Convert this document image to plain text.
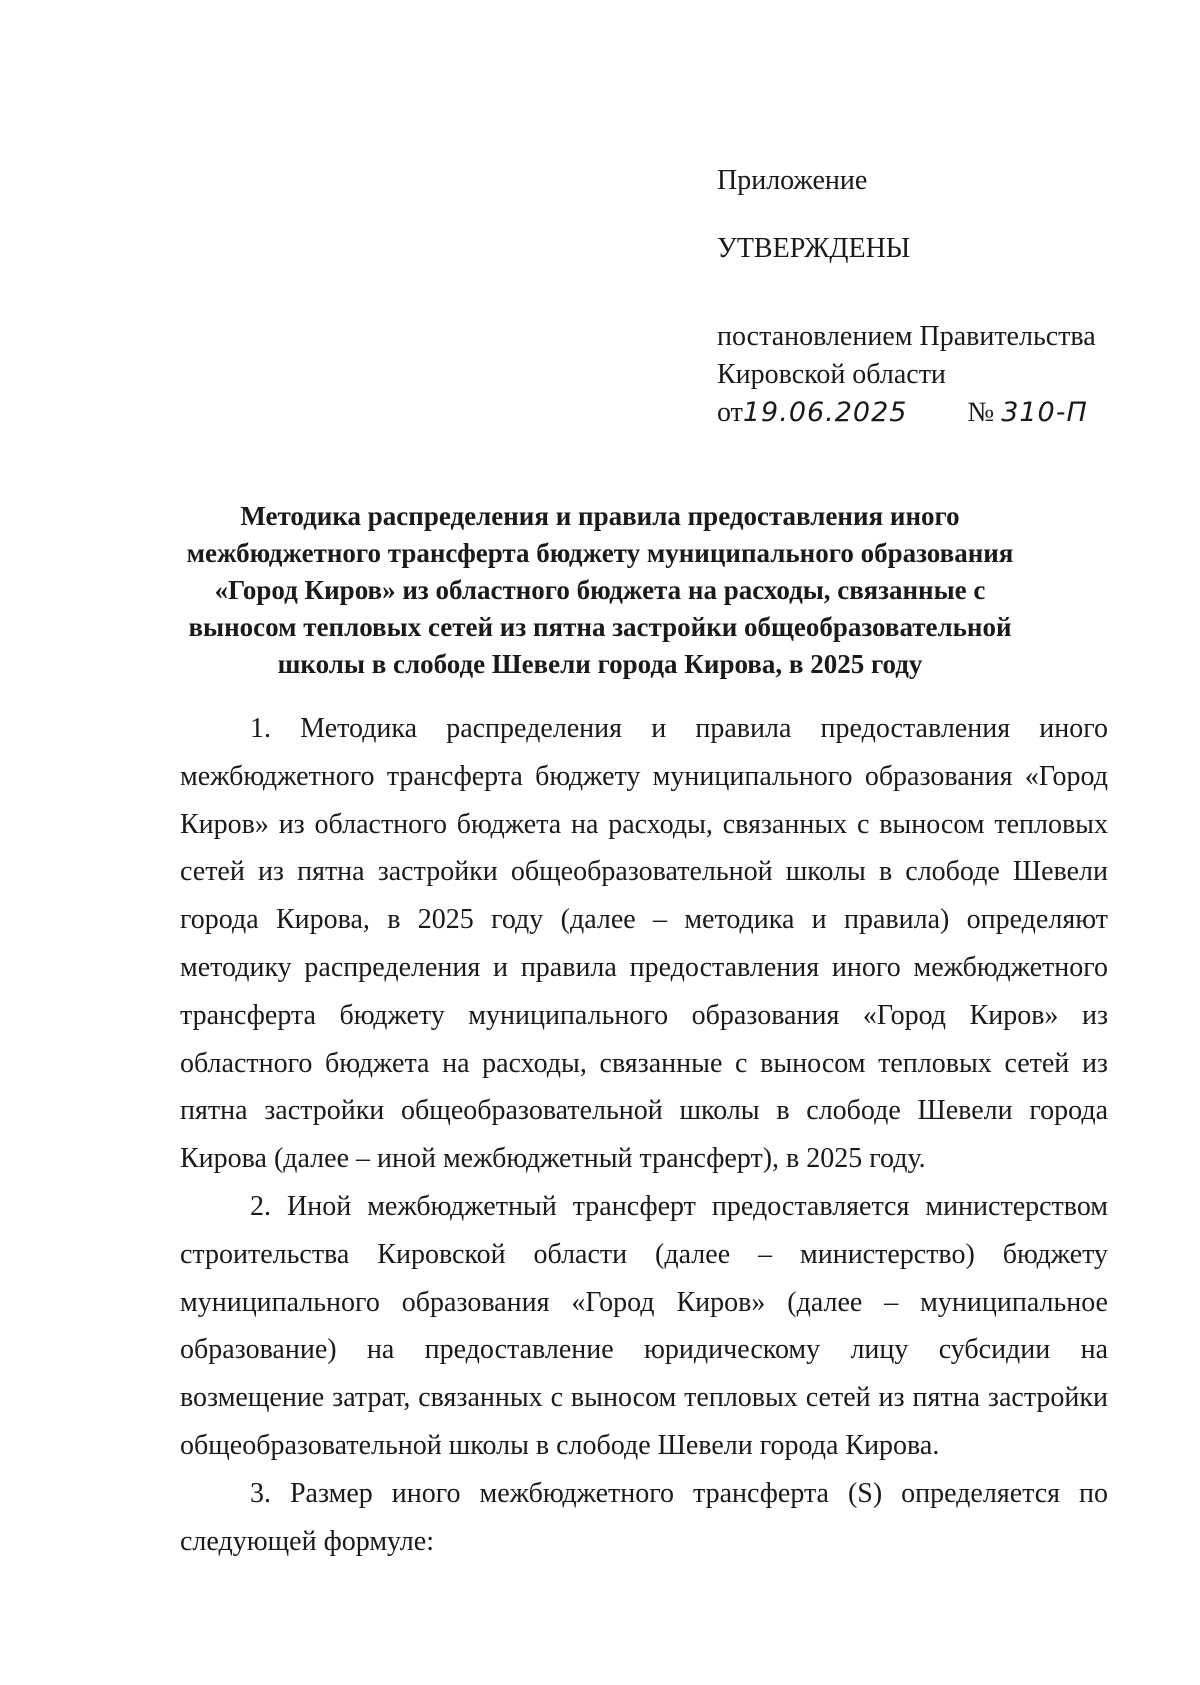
Приложение
УТВЕРЖДЕНЫ
постановлением Правительства
Кировской области
от19.06.2025 № 310-П
Методика распределения и правила предоставления иного
межбюджетного трансферта бюджету муниципального образования
«Город Киров» из областного бюджета на расходы, связанные с
выносом тепловых сетей из пятна застройки общеобразовательной
школы в слободе Шевели города Кирова, в 2025 году

1. Методика распределения и правила предоставления иного межбюджетного трансферта бюджету муниципального образования «Город Киров» из областного бюджета на расходы, связанных с выносом тепловых сетей из пятна застройки общеобразовательной школы в слободе Шевели города Кирова, в 2025 году (далее – методика и правила) определяют методику распределения и правила предоставления иного межбюджетного трансферта бюджету муниципального образования «Город Киров» из областного бюджета на расходы, связанные с выносом тепловых сетей из пятна застройки общеобразовательной школы в слободе Шевели города Кирова (далее – иной межбюджетный трансферт), в 2025 году.

2. Иной межбюджетный трансферт предоставляется министерством строительства Кировской области (далее – министерство) бюджету муниципального образования «Город Киров» (далее – муниципальное образование) на предоставление юридическому лицу субсидии на возмещение затрат, связанных с выносом тепловых сетей из пятна застройки общеобразовательной школы в слободе Шевели города Кирова.

3. Размер иного межбюджетного трансферта (S) определяется по следующей формуле:
